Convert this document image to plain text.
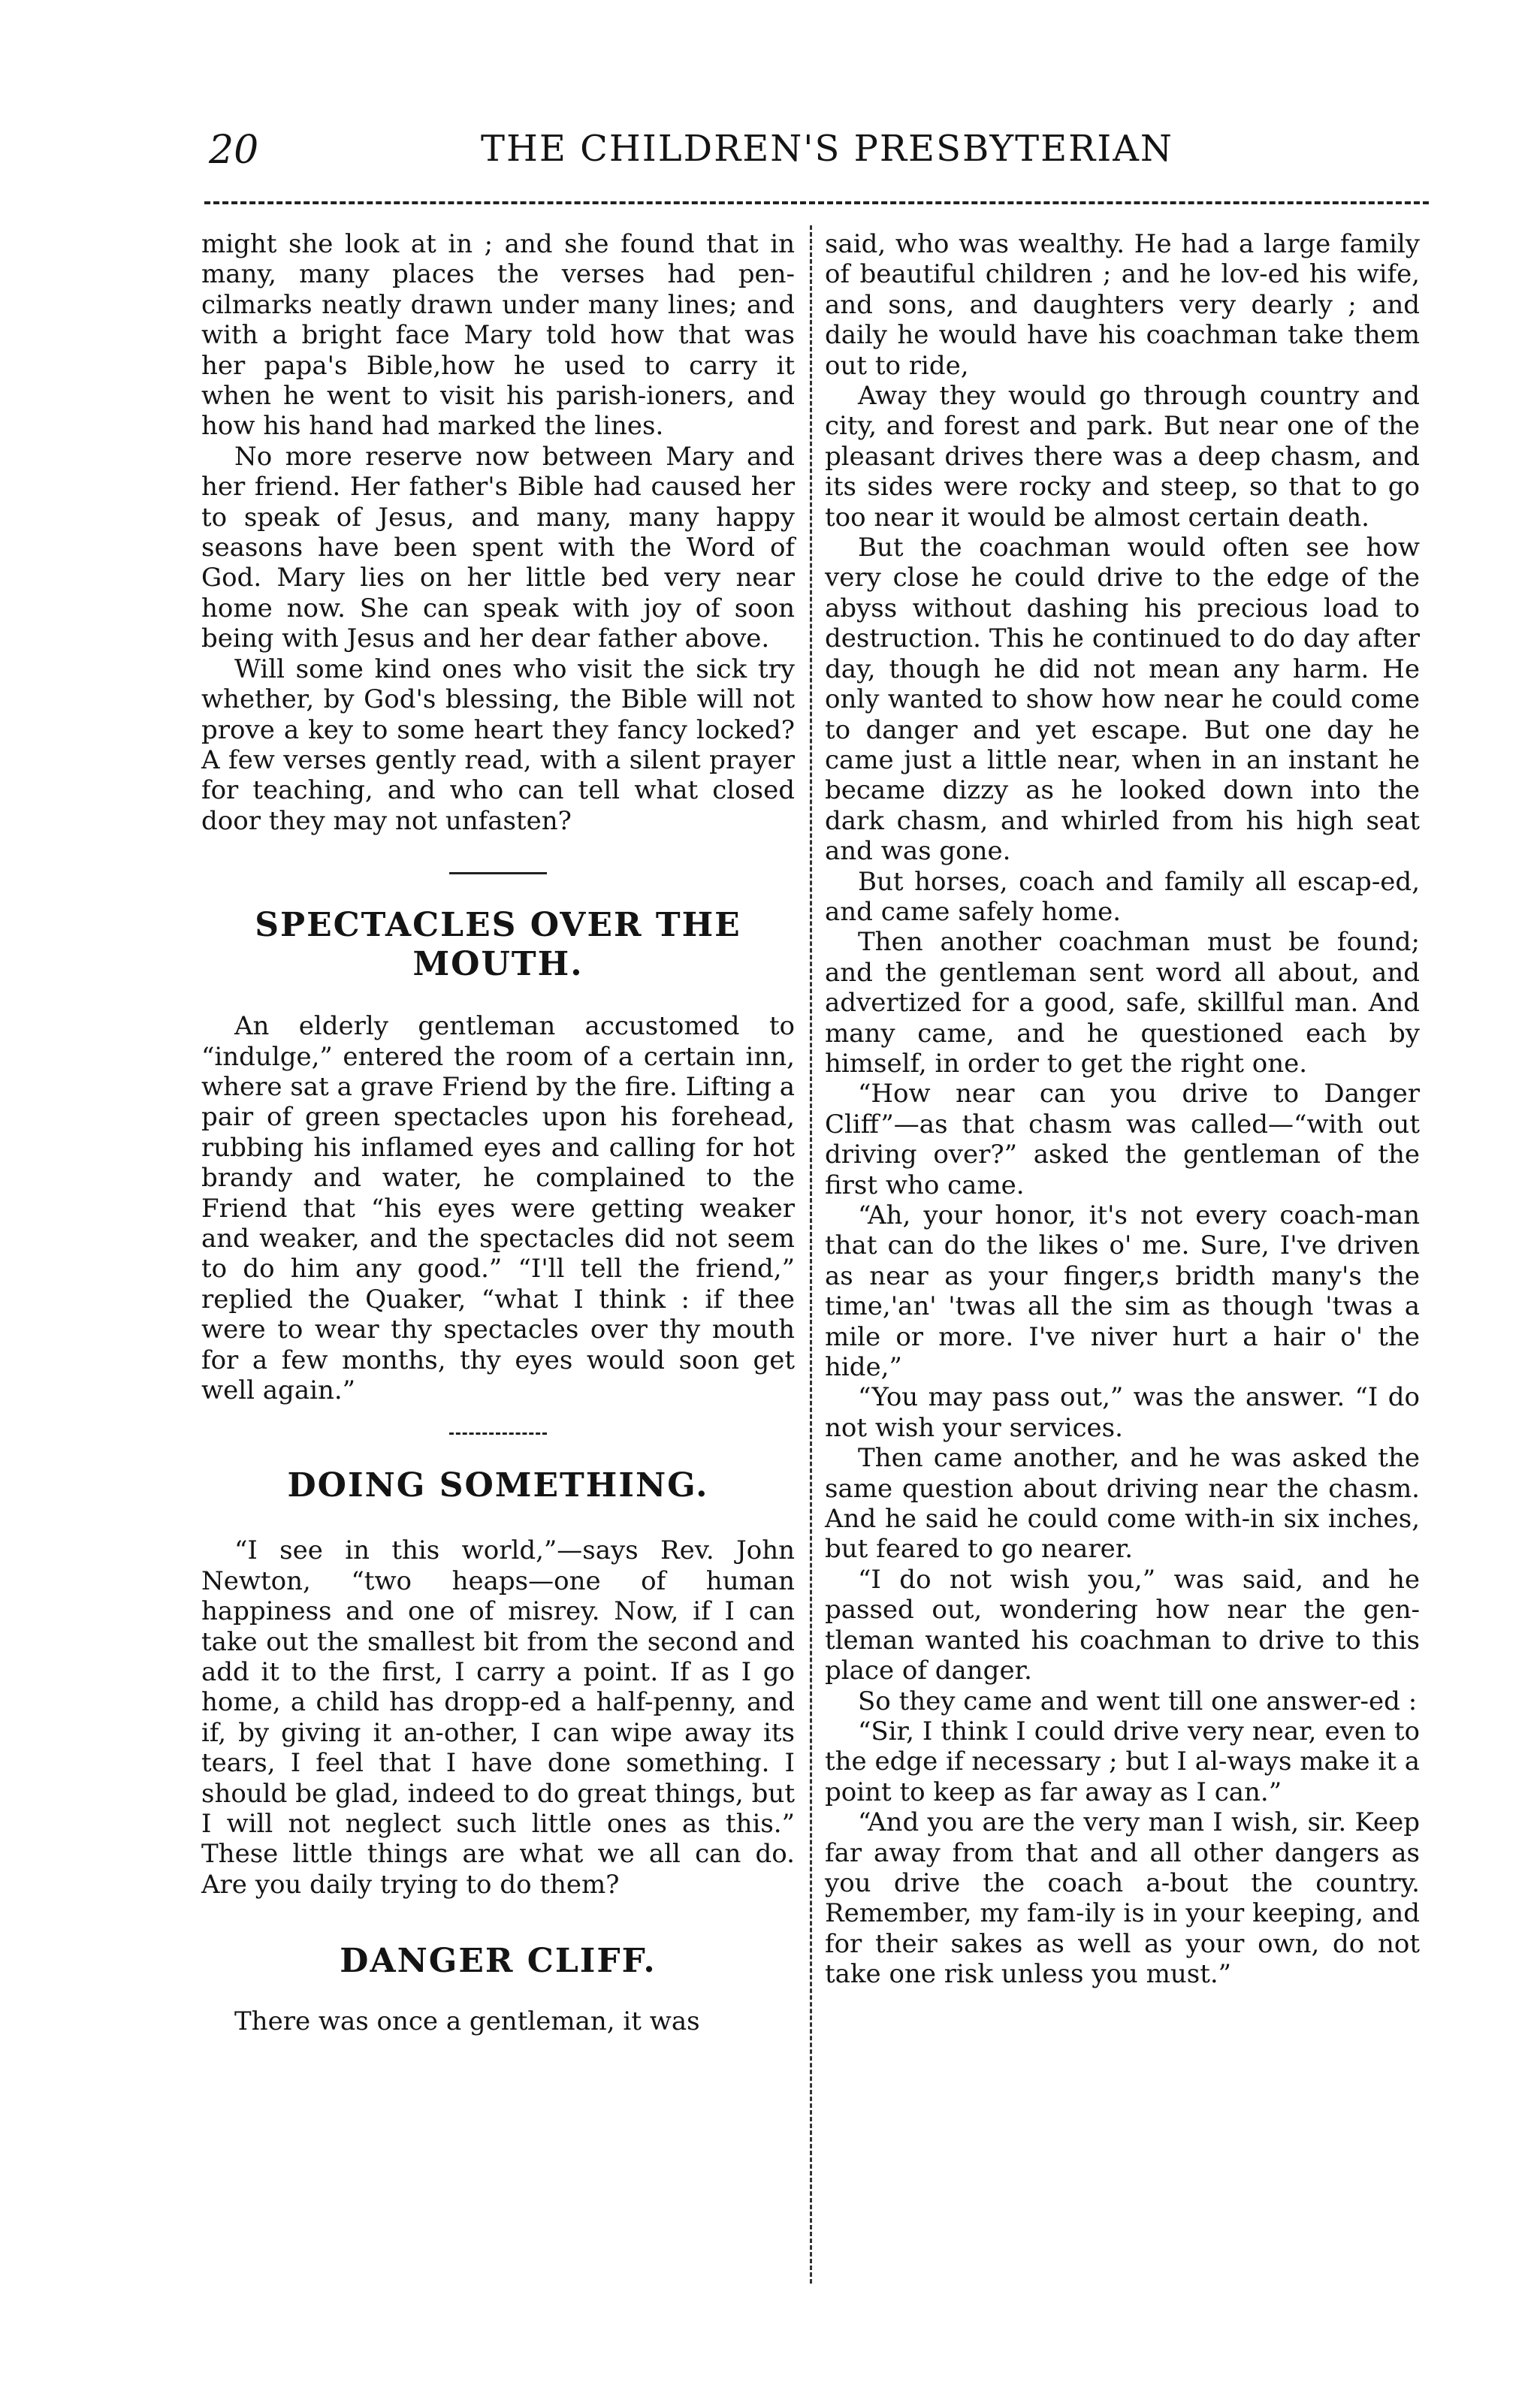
20	THE CHILDREN'S PRESBYTERIAN

might she look at in ; and she found that in many, many places the verses had pen-cilmarks neatly drawn under many lines; and with a bright face Mary told how that was her papa's Bible,how he used to carry it when he went to visit his parish-ioners, and how his hand had marked the lines.

No more reserve now between Mary and her friend. Her father's Bible had caused her to speak of Jesus, and many, many happy seasons have been spent with the Word of God. Mary lies on her little bed very near home now. She can speak with joy of soon being with Jesus and her dear father above.

Will some kind ones who visit the sick try whether, by God's blessing, the Bible will not prove a key to some heart they fancy locked? A few verses gently read, with a silent prayer for teaching, and who can tell what closed door they may not unfasten?

SPECTACLES OVER THE MOUTH.

An elderly gentleman accustomed to “indulge,” entered the room of a certain inn, where sat a grave Friend by the fire. Lifting a pair of green spectacles upon his forehead, rubbing his inflamed eyes and calling for hot brandy and water, he complained to the Friend that “his eyes were getting weaker and weaker, and the spectacles did not seem to do him any good.” “I'll tell the friend,” replied the Quaker, “what I think : if thee were to wear thy spectacles over thy mouth for a few months, thy eyes would soon get well again.”

DOING SOMETHING.

“I see in this world,”—says Rev. John Newton, “two heaps—one of human happiness and one of misrey. Now, if I can take out the smallest bit from the second and add it to the first, I carry a point. If as I go home, a child has dropp-ed a half-penny, and if, by giving it an-other, I can wipe away its tears, I feel that I have done something. I should be glad, indeed to do great things, but I will not neglect such little ones as this.” These little things are what we all can do. Are you daily trying to do them?

DANGER CLIFF.

There was once a gentleman, it was

said, who was wealthy. He had a large family of beautiful children ; and he lov-ed his wife, and sons, and daughters very dearly ; and daily he would have his coachman take them out to ride,

Away they would go through country and city, and forest and park. But near one of the pleasant drives there was a deep chasm, and its sides were rocky and steep, so that to go too near it would be almost certain death.

But the coachman would often see how very close he could drive to the edge of the abyss without dashing his precious load to destruction. This he continued to do day after day, though he did not mean any harm. He only wanted to show how near he could come to danger and yet escape. But one day he came just a little near, when in an instant he became dizzy as he looked down into the dark chasm, and whirled from his high seat and was gone.

But horses, coach and family all escap-ed, and came safely home.

Then another coachman must be found; and the gentleman sent word all about, and advertized for a good, safe, skillful man. And many came, and he questioned each by himself, in order to get the right one.

“How near can you drive to Danger Cliff”—as that chasm was called—“with out driving over?” asked the gentleman of the first who came.

“Ah, your honor, it's not every coach-man that can do the likes o' me. Sure, I've driven as near as your finger,s bridth many's the time,'an' 'twas all the sim as though 'twas a mile or more. I've niver hurt a hair o' the hide,”

“You may pass out,” was the answer. “I do not wish your services.

Then came another, and he was asked the same question about driving near the chasm. And he said he could come with-in six inches, but feared to go nearer.

“I do not wish you,” was said, and he passed out, wondering how near the gen-tleman wanted his coachman to drive to this place of danger.

So they came and went till one answer-ed :

“Sir, I think I could drive very near, even to the edge if necessary ; but I al-ways make it a point to keep as far away as I can.”

“And you are the very man I wish, sir. Keep far away from that and all other dangers as you drive the coach a-bout the country. Remember, my fam-ily is in your keeping, and for their sakes as well as your own, do not take one risk unless you must.”
